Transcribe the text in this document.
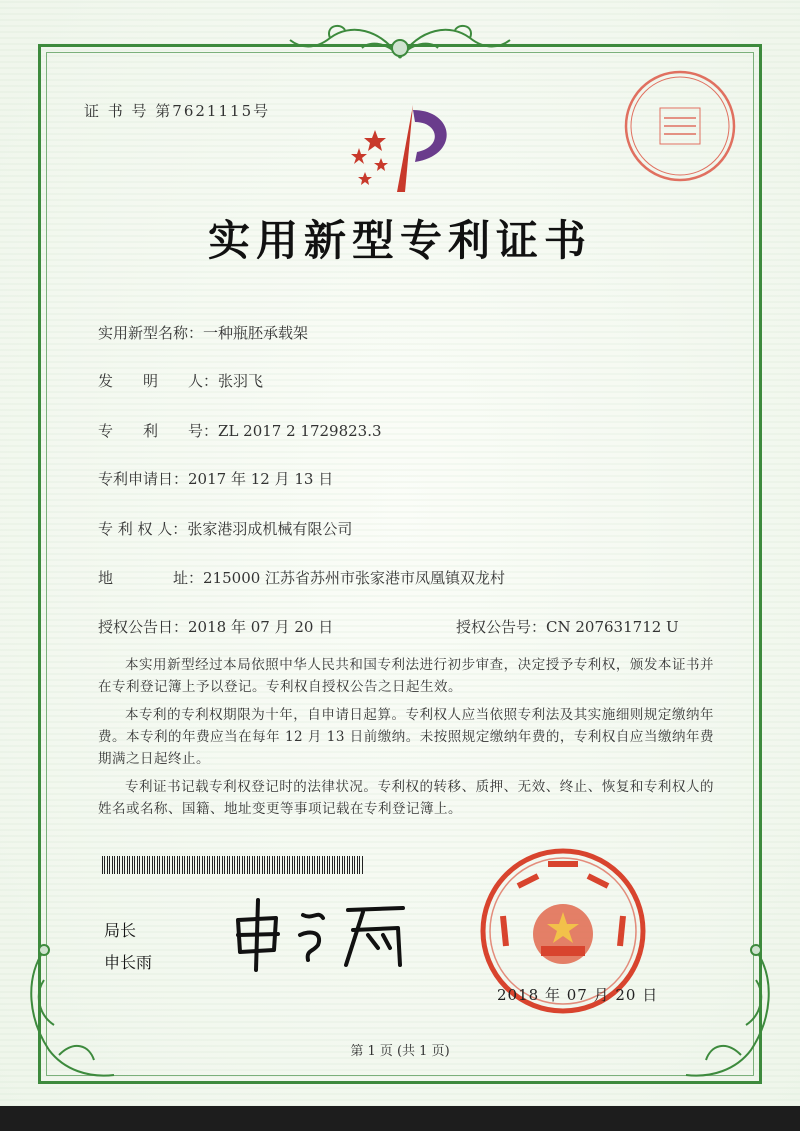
证 书 号 第7621115号
实用新型专利证书
实用新型名称：一种瓶胚承载架
发　　明　　人：张羽飞
专　　利　　号：ZL 2017 2 1729823.3
专利申请日：2017 年 12 月 13 日
专 利 权 人：张家港羽成机械有限公司
地　　　　址：215000 江苏省苏州市张家港市凤凰镇双龙村
授权公告日：2018 年 07 月 20 日	授权公告号：CN 207631712 U

本实用新型经过本局依照中华人民共和国专利法进行初步审查，决定授予专利权，颁发本证书并在专利登记簿上予以登记。专利权自授权公告之日起生效。

本专利的专利权期限为十年，自申请日起算。专利权人应当依照专利法及其实施细则规定缴纳年费。本专利的年费应当在每年 12 月 13 日前缴纳。未按照规定缴纳年费的，专利权自应当缴纳年费期满之日起终止。

专利证书记载专利权登记时的法律状况。专利权的转移、质押、无效、终止、恢复和专利权人的姓名或名称、国籍、地址变更等事项记载在专利登记簿上。

局长
申长雨
2018 年 07 月 20 日
第 1 页 (共 1 页)
